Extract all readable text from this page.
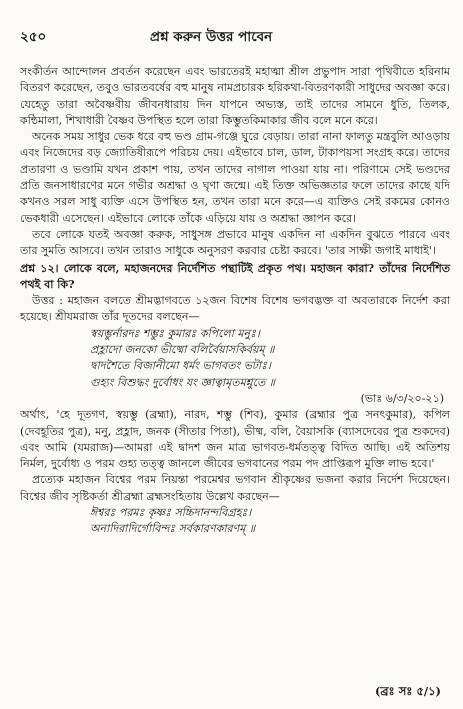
২৫০	প্রশ্ন করুন উত্তর পাবেন

সংকীর্তন আন্দোলন প্রবর্তন করেছেন এবং ভারতেরই মহাত্মা শ্রীল প্রভুপাদ সারা পৃথিবীতে হরিনাম বিতরণ করেছেন, তবুও ভারতবর্ষের বহু মানুষ নামপ্রচারক হরিকথা-বিতরণকারী সাধুদের অবজ্ঞা করে। যেহেতু তারা অবৈষ্ণবীয় জীবনধারায় দিন যাপনে অভ্যস্ত, তাই তাদের সামনে ধুতি, তিলক, কন্ঠিমালা, শিখাধারী বৈষ্ণব উপস্থিত হলে তারা কিম্ভুতকিমাকার জীব বলে মনে করে।

অনেক সময় সাধুর ভেক ধরে বহু ভণ্ড গ্রাম-গঞ্জে ঘুরে বেড়ায়। তারা নানা ফালতু মন্ত্রবুলি আওড়ায় এবং নিজেদের বড় জ্যোতিষীরূপে পরিচয় দেয়। এইভাবে চাল, ডাল, টাকাপয়সা সংগ্রহ করে। তাদের প্রতারণা ও ভণ্ডামি যখন প্রকাশ পায়, তখন তাদের নাগাল পাওয়া যায় না। পরিণামে সেই ভণ্ডদের প্রতি জনসাধারণের মনে গভীর অশ্রদ্ধা ও ঘৃণা জন্মে। এই তিক্ত অভিজ্ঞতার ফলে তাদের কাছে যদি কখনও সরল সাধু ব্যক্তি এসে উপস্থিত হন, তখন তারা মনে করে—এ ব্যক্তিও সেই রকমের কোনও ভেকধারী এসেছেন। এইভাবে লোকে তাঁকে এড়িয়ে যায় ও অশ্রদ্ধা জ্ঞাপন করে।

তবে লোকে যতই অবজ্ঞা করুক, সাধুসঙ্গ প্রভাবে মানুষ একদিন না একদিন বুঝতে পারবে এবং তার সুমতি আসবে। তখন তারাও সাধুকে অনুসরণ করবার চেষ্টা করবে। 'তার সাক্ষী জগাই মাধাই'।

প্রশ্ন ১২। লোকে বলে, মহাজনদের নির্দেশিত পন্থাটিই প্রকৃত পথ। মহাজন কারা? তাঁদের নির্দেশিত পথই বা কি?

উত্তর : মহাজন বলতে শ্রীমদ্ভাগবতে ১২জন বিশেষ বিশেষ ভগবদ্ভক্ত বা অবতারকে নির্দেশ করা হয়েছে। শ্রীযমরাজ তাঁর দূতদের বলছেন—

স্বয়ম্ভুর্নারদঃ শম্ভুঃ কুমারঃ কপিলো মনুঃ।
প্রহ্লাদো জনকো ভীষ্মো বলির্বৈয়াসকির্বয়ম্‌ ॥
দ্বাদশৈতে বিজানীমো ধর্মং ভাগবতং ভটাঃ।
গুহ্যং বিশুদ্ধং দুর্বোধং যং জ্ঞাত্বামৃতমশ্নুতে ॥

(ভাঃ ৬/৩/২০-২১)

অর্থাৎ, 'হে দূতগণ, স্বয়ম্ভু (ব্রহ্মা), নারদ, শম্ভু (শিব), কুমার (ব্রহ্মার পুত্র সনৎকুমার), কপিল (দেবহূতির পুত্র), মনু, প্রহ্লাদ, জনক (সীতার পিতা), ভীষ্ম, বলি, বৈয়াসকি (ব্যাসদেবের পুত্র শুকদেব) এবং আমি (যমরাজ)—আমরা এই দ্বাদশ জন মাত্র ভাগবত-ধর্মতত্ত্ব বিদিত আছি। এই অতিশয় নির্মল, দুর্বোধ্য ও পরম গুহ্য তত্ত্ব জানলে জীবের ভগবানের পরম পদ প্রাপ্তিরূপ মুক্তি লাভ হবে।'

প্রত্যেক মহাজন বিশ্বের পরম নিয়ন্তা পরমেশ্বর ভগবান শ্রীকৃষ্ণের ভজনা করার নির্দেশ দিয়েছেন। বিশ্বের জীব সৃষ্টিকর্তা শ্রীব্রহ্মা ব্রহ্মসংহিতায় উল্লেখ করছেন—

ঈশ্বরঃ পরমঃ কৃষ্ণঃ সচ্চিদানন্দবিগ্রহঃ।
অনাদিরাদির্গোবিন্দঃ সর্বকারণকারণম্‌ ॥
(ব্রঃ সঃ ৫/১)
